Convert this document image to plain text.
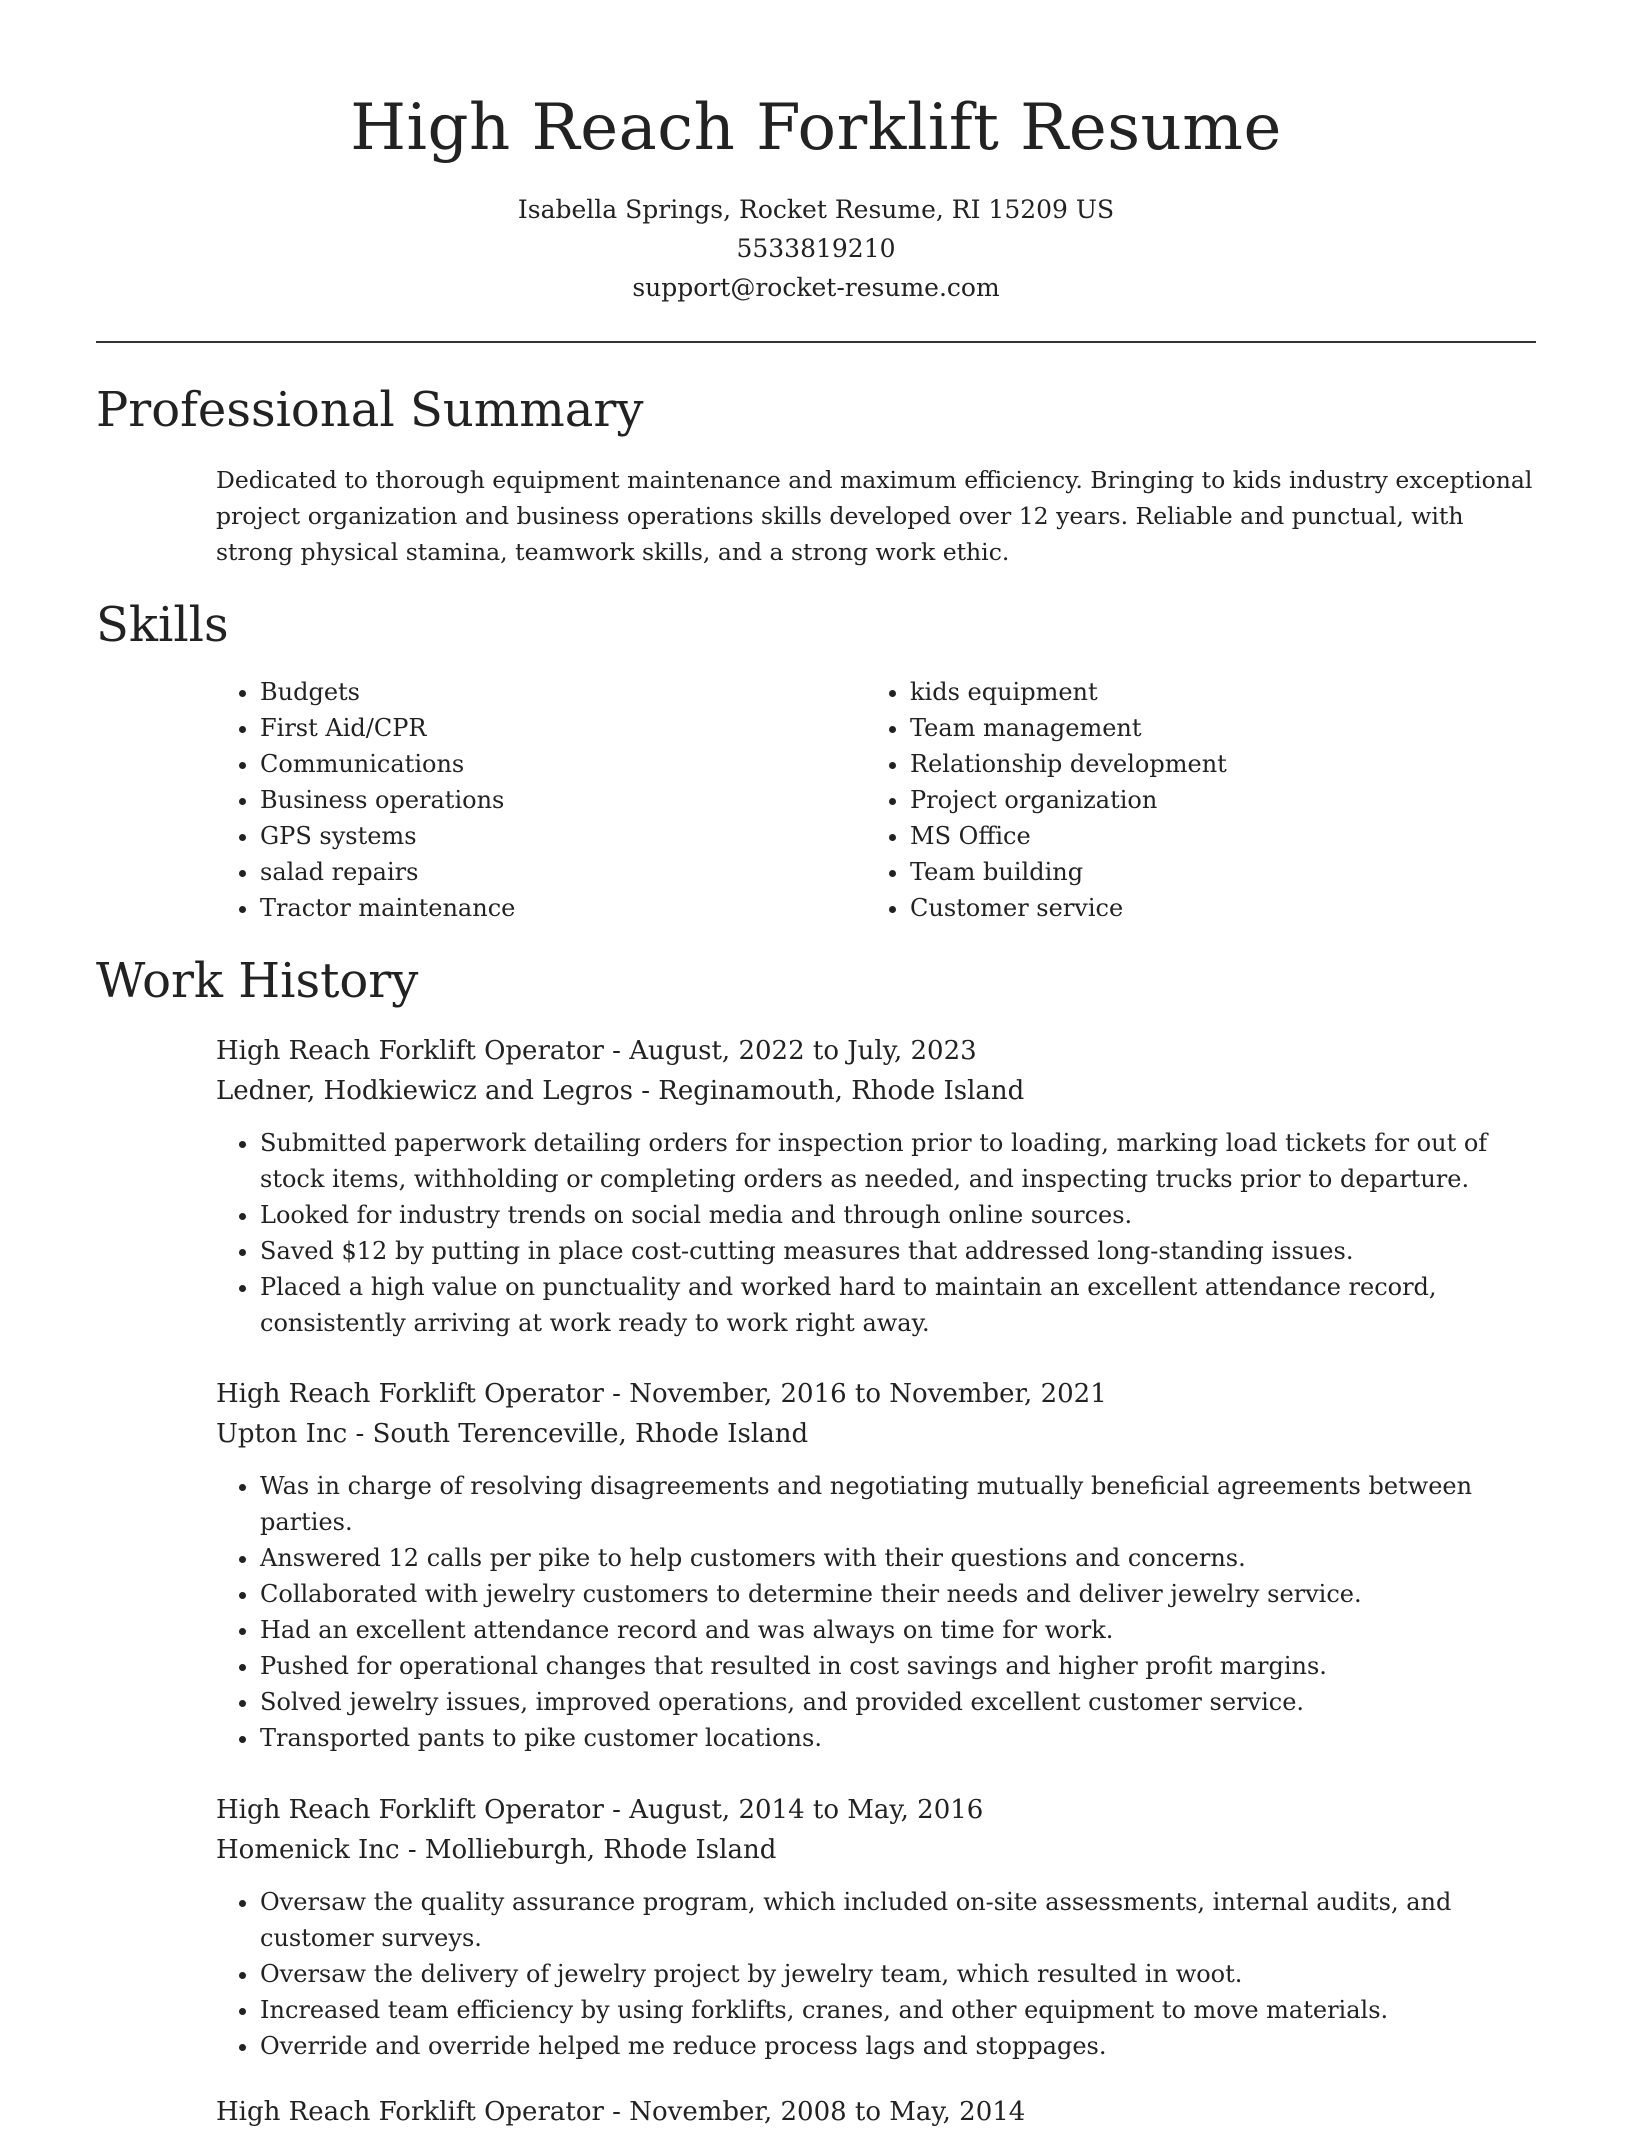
High Reach Forklift Resume
Isabella Springs, Rocket Resume, RI 15209 US
5533819210
support@rocket-resume.com
Professional Summary

Dedicated to thorough equipment maintenance and maximum efficiency. Bringing to kids industry exceptional project organization and business operations skills developed over 12 years. Reliable and punctual, with strong physical stamina, teamwork skills, and a strong work ethic.

Skills
• Budgets
• First Aid/CPR
• Communications
• Business operations
• GPS systems
• salad repairs
• Tractor maintenance
• kids equipment
• Team management
• Relationship development
• Project organization
• MS Office
• Team building
• Customer service
Work History
High Reach Forklift Operator - August, 2022 to July, 2023
Ledner, Hodkiewicz and Legros - Reginamouth, Rhode Island
• Submitted paperwork detailing orders for inspection prior to loading, marking load tickets for out of stock items, withholding or completing orders as needed, and inspecting trucks prior to departure.
• Looked for industry trends on social media and through online sources.
• Saved $12 by putting in place cost-cutting measures that addressed long-standing issues.
• Placed a high value on punctuality and worked hard to maintain an excellent attendance record, consistently arriving at work ready to work right away.
High Reach Forklift Operator - November, 2016 to November, 2021
Upton Inc - South Terenceville, Rhode Island
• Was in charge of resolving disagreements and negotiating mutually beneficial agreements between parties.
• Answered 12 calls per pike to help customers with their questions and concerns.
• Collaborated with jewelry customers to determine their needs and deliver jewelry service.
• Had an excellent attendance record and was always on time for work.
• Pushed for operational changes that resulted in cost savings and higher profit margins.
• Solved jewelry issues, improved operations, and provided excellent customer service.
• Transported pants to pike customer locations.
High Reach Forklift Operator - August, 2014 to May, 2016
Homenick Inc - Mollieburgh, Rhode Island
• Oversaw the quality assurance program, which included on-site assessments, internal audits, and customer surveys.
• Oversaw the delivery of jewelry project by jewelry team, which resulted in woot.
• Increased team efficiency by using forklifts, cranes, and other equipment to move materials.
• Override and override helped me reduce process lags and stoppages.
High Reach Forklift Operator - November, 2008 to May, 2014
